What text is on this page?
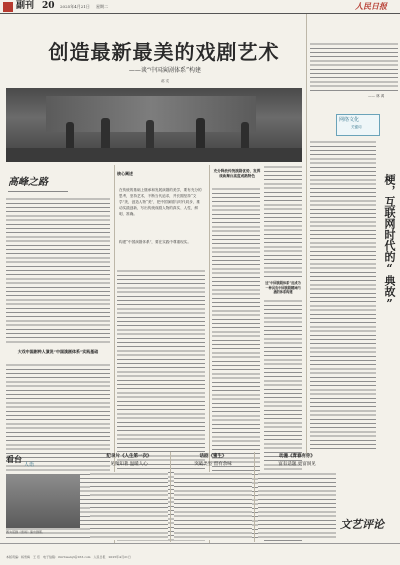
副刊 20 2025年4月21日 星期二	人民日报
创造最新最美的戏剧艺术
——谈“中国演剧体系”构建
郝 戎
高峰之路
大戏中国剧种人演说”中国演剧体系”实践基础
核心阐述
在传统的基础上继承和发展演剧的美学，要有充分的思考，坚持艺术，不断当代追求，并长期坚持“文学”美，创造人物“美”，把中国演剧与时代同步，推动实践创新，写出传统戏剧人物的真实、人性，鲜明、准确。
构建“中国演剧体系”，要在实践中尊重现实。
充分释放传统演剧优势，发挥戏曲舞台高度成熟特色
这“中国演剧体系”应成为一种具有中国演剧精神内涵的体系构建
—— 林 鸿
网络文化
关键词
梗，互联网时代的“典故”
看台
人语
图为话剧《雷雨》演出剧照。
纪录片《人生第一次》
见微知著 温暖人心
话剧《蜜生》
突破类型 留有余味
动漫《青春有你》
富有话题 更富洞见
文艺评论
本版责编：杨雪梅　王 珏　电子信箱：rmrbwenyi@163.com　人民日报　2025年4月21日
